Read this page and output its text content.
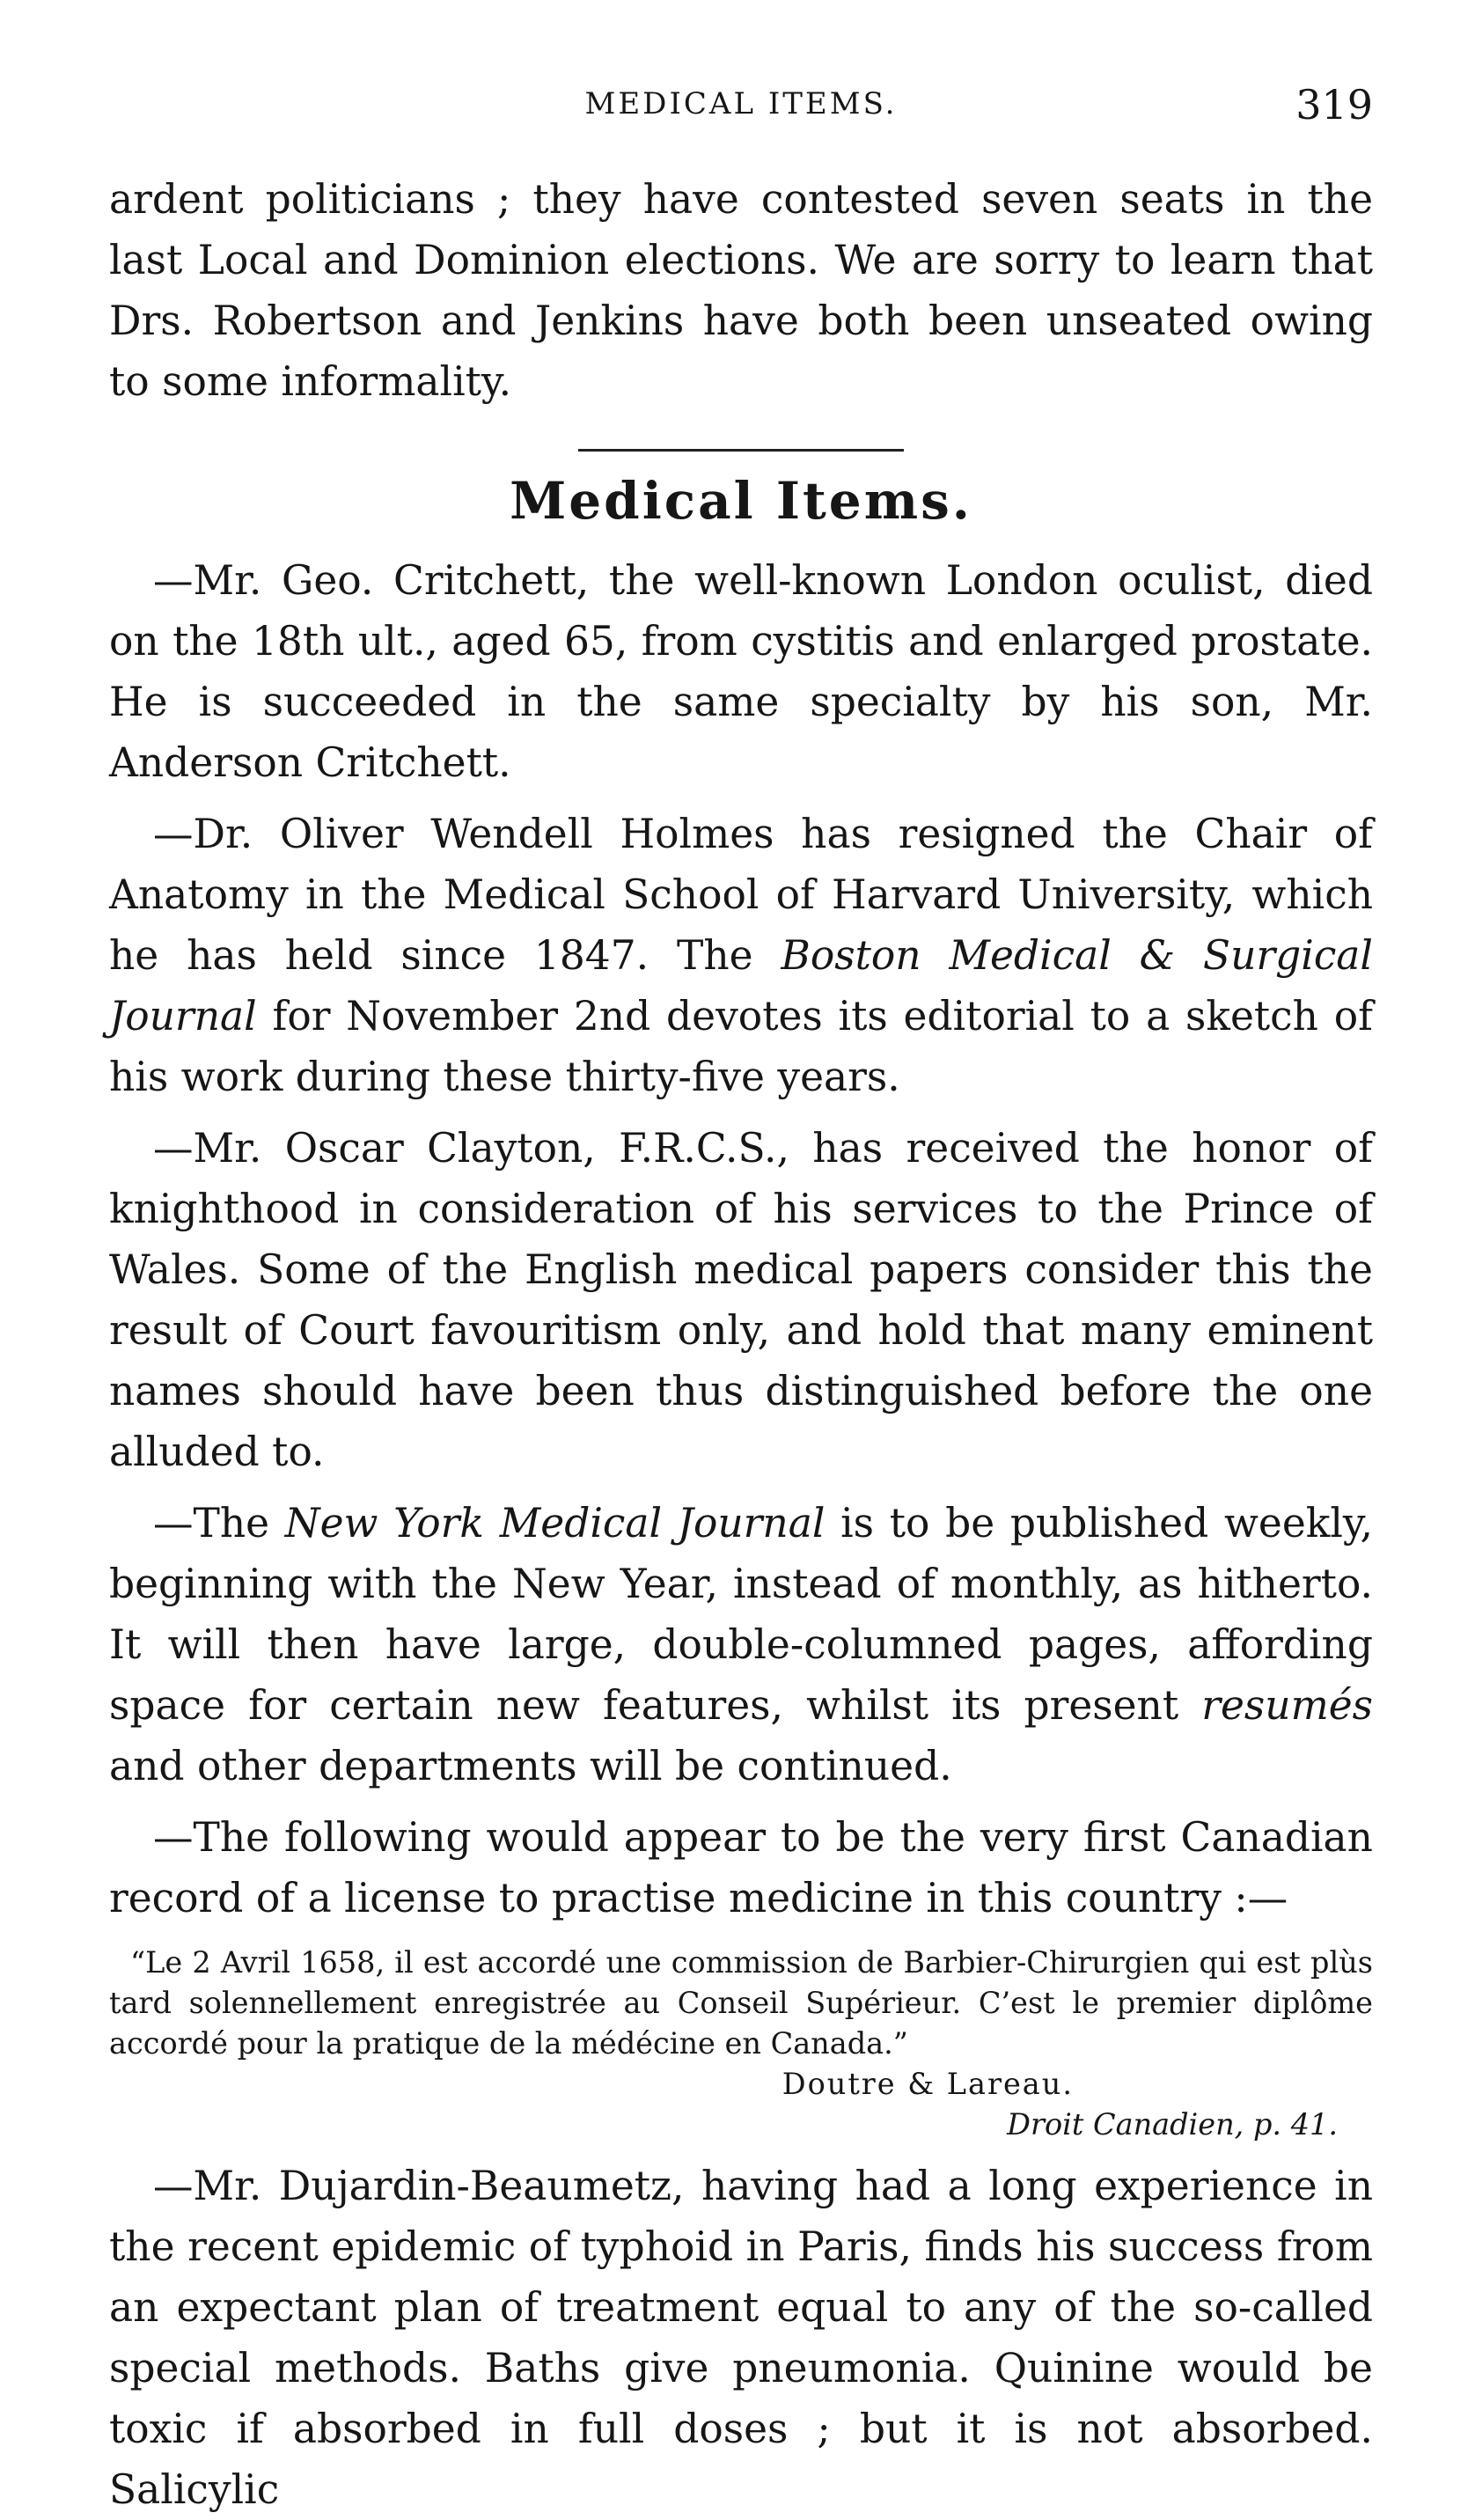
MEDICAL ITEMS.	319

ardent politicians ; they have contested seven seats in the last Local and Dominion elections. We are sorry to learn that Drs. Robertson and Jenkins have both been unseated owing to some informality.

Medical Items.

—Mr. Geo. Critchett, the well-known London oculist, died on the 18th ult., aged 65, from cystitis and enlarged prostate. He is succeeded in the same specialty by his son, Mr. Anderson Critchett.

—Dr. Oliver Wendell Holmes has resigned the Chair of Anatomy in the Medical School of Harvard University, which he has held since 1847. The Boston Medical & Surgical Journal for November 2nd devotes its editorial to a sketch of his work during these thirty-five years.

—Mr. Oscar Clayton, F.R.C.S., has received the honor of knighthood in consideration of his services to the Prince of Wales. Some of the English medical papers consider this the result of Court favouritism only, and hold that many eminent names should have been thus distinguished before the one alluded to.

—The New York Medical Journal is to be published weekly, beginning with the New Year, instead of monthly, as hitherto. It will then have large, double-columned pages, affording space for certain new features, whilst its present resumés and other departments will be continued.

—The following would appear to be the very first Canadian record of a license to practise medicine in this country :—

“Le 2 Avril 1658, il est accordé une commission de Barbier-Chirurgien qui est plùs tard solennellement enregistrée au Conseil Supérieur. C’est le premier diplôme accordé pour la pratique de la médécine en Canada.”

Doutre & Lareau.

Droit Canadien, p. 41.

—Mr. Dujardin-Beaumetz, having had a long experience in the recent epidemic of typhoid in Paris, finds his success from an expectant plan of treatment equal to any of the so-called special methods. Baths give pneumonia. Quinine would be toxic if absorbed in full doses ; but it is not absorbed. Salicylic
